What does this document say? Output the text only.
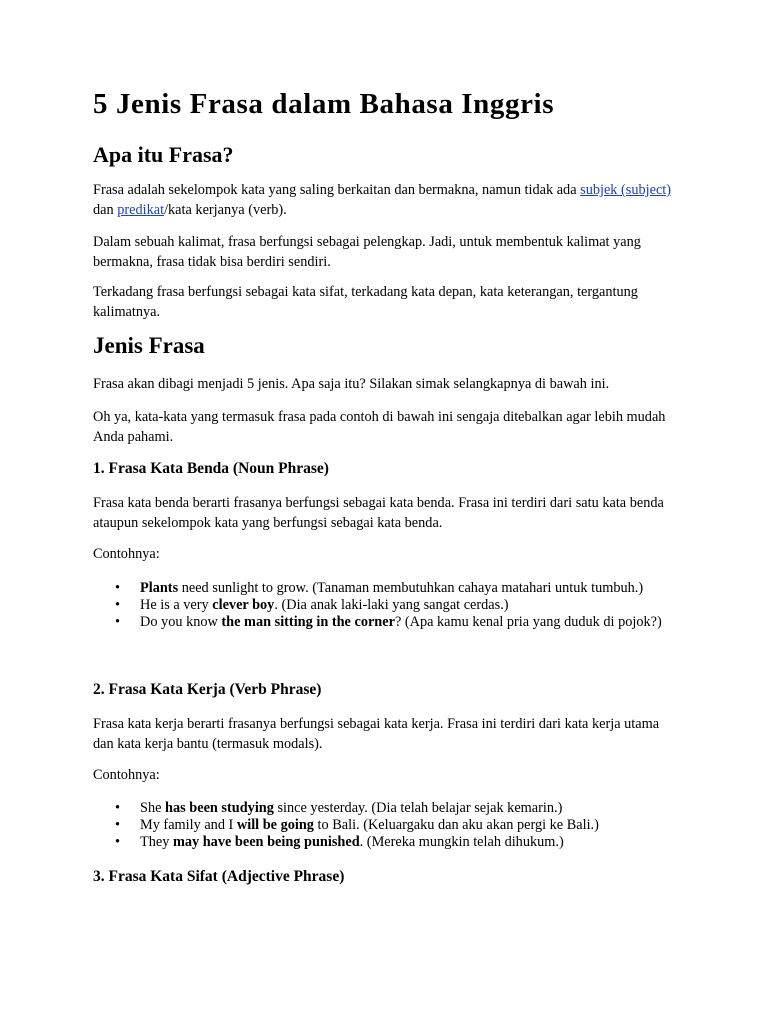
5 Jenis Frasa dalam Bahasa Inggris
Apa itu Frasa?

Frasa adalah sekelompok kata yang saling berkaitan dan bermakna, namun tidak ada subjek (subject) dan predikat/kata kerjanya (verb).

Dalam sebuah kalimat, frasa berfungsi sebagai pelengkap. Jadi, untuk membentuk kalimat yang bermakna, frasa tidak bisa berdiri sendiri.

Terkadang frasa berfungsi sebagai kata sifat, terkadang kata depan, kata keterangan, tergantung kalimatnya.

Jenis Frasa

Frasa akan dibagi menjadi 5 jenis. Apa saja itu? Silakan simak selangkapnya di bawah ini.

Oh ya, kata-kata yang termasuk frasa pada contoh di bawah ini sengaja ditebalkan agar lebih mudah Anda pahami.

1. Frasa Kata Benda (Noun Phrase)

Frasa kata benda berarti frasanya berfungsi sebagai kata benda. Frasa ini terdiri dari satu kata benda ataupun sekelompok kata yang berfungsi sebagai kata benda.

Contohnya:

• Plants need sunlight to grow. (Tanaman membutuhkan cahaya matahari untuk tumbuh.)
• He is a very clever boy. (Dia anak laki-laki yang sangat cerdas.)
• Do you know the man sitting in the corner? (Apa kamu kenal pria yang duduk di pojok?)
2. Frasa Kata Kerja (Verb Phrase)

Frasa kata kerja berarti frasanya berfungsi sebagai kata kerja. Frasa ini terdiri dari kata kerja utama dan kata kerja bantu (termasuk modals).

Contohnya:

• She has been studying since yesterday. (Dia telah belajar sejak kemarin.)
• My family and I will be going to Bali. (Keluargaku dan aku akan pergi ke Bali.)
• They may have been being punished. (Mereka mungkin telah dihukum.)
3. Frasa Kata Sifat (Adjective Phrase)
